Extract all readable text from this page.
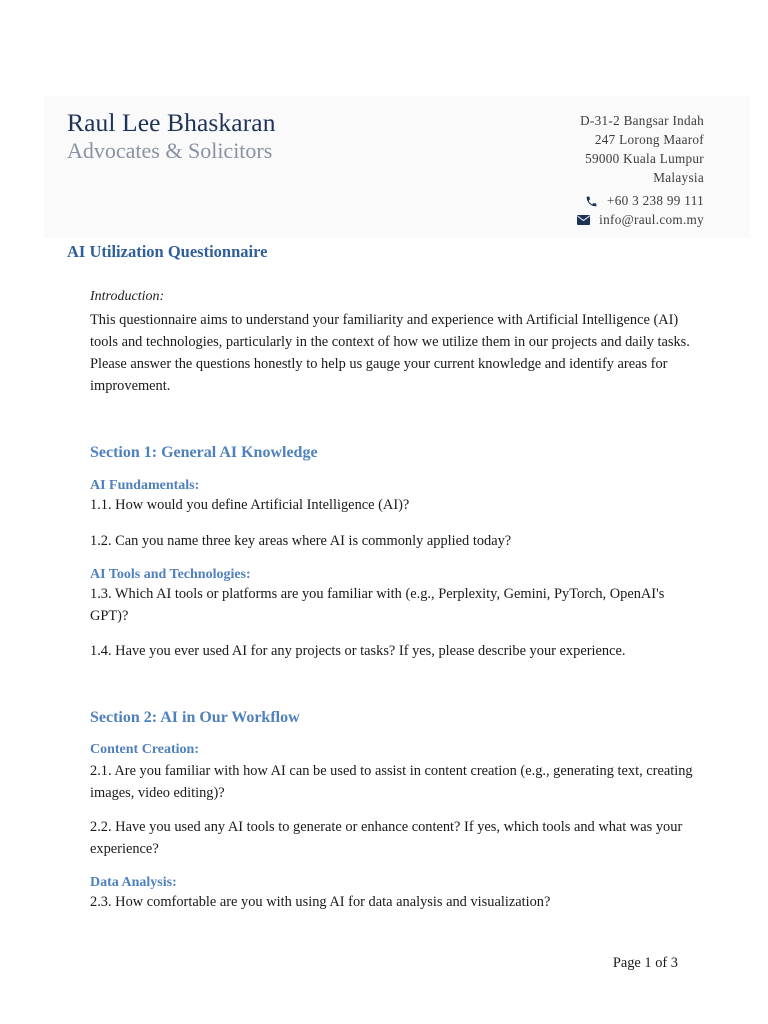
Raul Lee Bhaskaran
Advocates & Solicitors
D-31-2 Bangsar Indah
247 Lorong Maarof
59000 Kuala Lumpur
Malaysia
+60 3 238 99 111
info@raul.com.my
AI Utilization Questionnaire
Introduction:
This questionnaire aims to understand your familiarity and experience with Artificial Intelligence (AI) tools and technologies, particularly in the context of how we utilize them in our projects and daily tasks. Please answer the questions honestly to help us gauge your current knowledge and identify areas for improvement.
Section 1: General AI Knowledge
AI Fundamentals:
1.1. How would you define Artificial Intelligence (AI)?
1.2. Can you name three key areas where AI is commonly applied today?
AI Tools and Technologies:
1.3. Which AI tools or platforms are you familiar with (e.g., Perplexity, Gemini, PyTorch, OpenAI's GPT)?
1.4. Have you ever used AI for any projects or tasks? If yes, please describe your experience.
Section 2: AI in Our Workflow
Content Creation:
2.1. Are you familiar with how AI can be used to assist in content creation (e.g., generating text, creating images, video editing)?
2.2. Have you used any AI tools to generate or enhance content? If yes, which tools and what was your experience?
Data Analysis:
2.3. How comfortable are you with using AI for data analysis and visualization?
Page 1 of 3
